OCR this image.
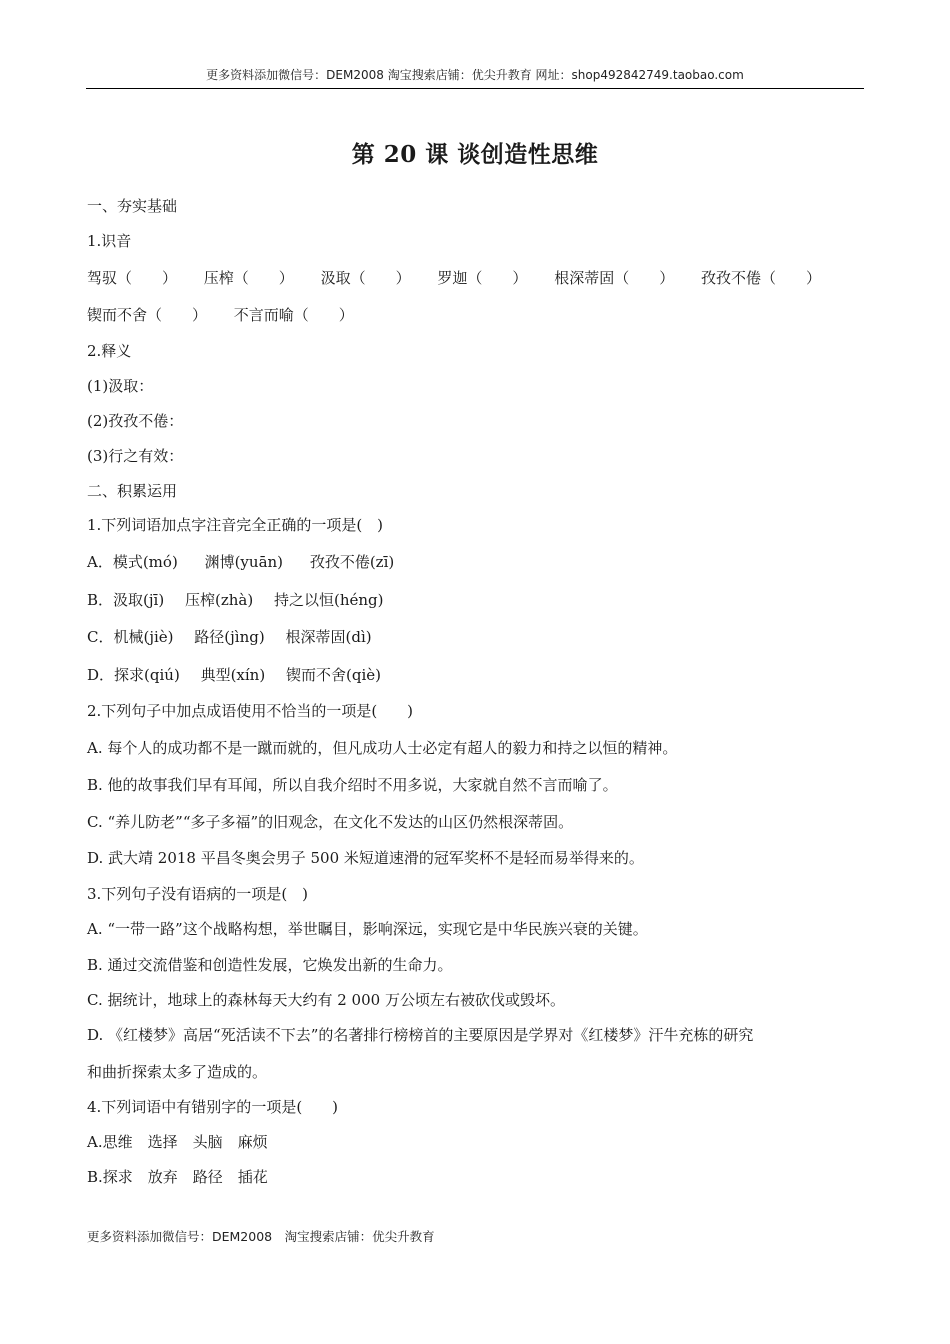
更多资料添加微信号：DEM2008 淘宝搜索店铺：优尖升教育 网址：shop492842749.taobao.com
第 20 课 谈创造性思维
一、夯实基础
1.识音
驾驭（　　） 压榨（　　） 汲取（　　） 罗迦（　　） 根深蒂固（　　） 孜孜不倦（　　）
锲而不舍（　　） 不言而喻（　　）
2.释义
(1)汲取：
(2)孜孜不倦：
(3)行之有效：
二、积累运用
1.下列词语加点字注音完全正确的一项是(　)
A．模式(mó) 渊博(yuān) 孜孜不倦(zī)
B．汲取(jī) 压榨(zhà) 持之以恒(héng)
C．机械(jiè) 路径(jìng) 根深蒂固(dì)
D．探求(qiú) 典型(xín) 锲而不舍(qiè)
2.下列句子中加点成语使用不恰当的一项是(　　)
A. 每个人的成功都不是一蹴而就的，但凡成功人士必定有超人的毅力和持之以恒的精神。
B. 他的故事我们早有耳闻，所以自我介绍时不用多说，大家就自然不言而喻了。
C. “养儿防老”“多子多福”的旧观念，在文化不发达的山区仍然根深蒂固。
D. 武大靖 2018 平昌冬奥会男子 500 米短道速滑的冠军奖杯不是轻而易举得来的。
3.下列句子没有语病的一项是(　)
A. “一带一路”这个战略构想，举世瞩目，影响深远，实现它是中华民族兴衰的关键。
B. 通过交流借鉴和创造性发展，它焕发出新的生命力。
C. 据统计，地球上的森林每天大约有 2 000 万公顷左右被砍伐或毁坏。
D. 《红楼梦》高居“死活读不下去”的名著排行榜榜首的主要原因是学界对《红楼梦》汗牛充栋的研究
和曲折探索太多了造成的。
4.下列词语中有错别字的一项是(　　)
A.思维　选择　头脑　麻烦
B.探求　放弃　路径　插花
更多资料添加微信号：DEM2008　淘宝搜索店铺：优尖升教育
